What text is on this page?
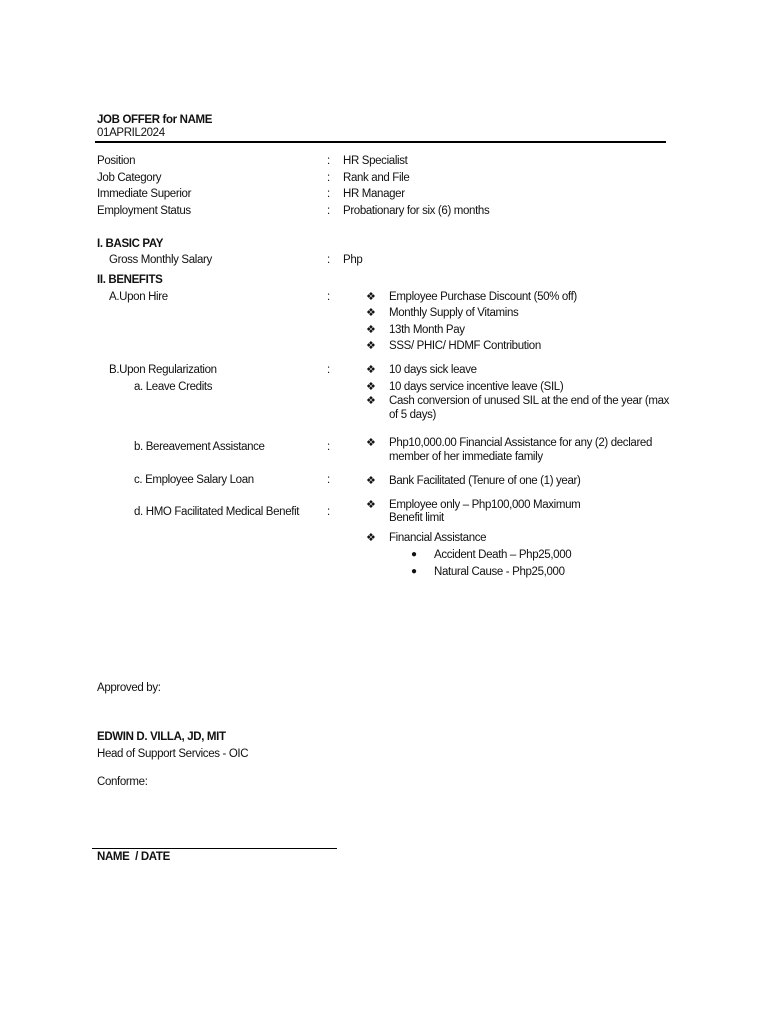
JOB OFFER for NAME
01APRIL2024
Position	: HR Specialist
Job Category	: Rank and File
Immediate Superior	: HR Manager
Employment Status	: Probationary for six (6) months
I. BASIC PAY
Gross Monthly Salary	: Php
II. BENEFITS
A.Upon Hire	:	❖ Employee Purchase Discount (50% off)
❖ Monthly Supply of Vitamins
❖ 13th Month Pay
❖ SSS/ PHIC/ HDMF Contribution
B.Upon Regularization	:
a. Leave Credits
❖ 10 days sick leave
❖ 10 days service incentive leave (SIL)
❖ Cash conversion of unused SIL at the end of the year (max
of 5 days)
b. Bereavement Assistance	:	❖ Php10,000.00 Financial Assistance for any (2) declared
member of her immediate family
c. Employee Salary Loan	:	❖ Bank Facilitated (Tenure of one (1) year)
d. HMO Facilitated Medical Benefit :
❖ Employee only – Php100,000 Maximum
Benefit limit
❖ Financial Assistance
● Accident Death – Php25,000
● Natural Cause - Php25,000
Approved by:
EDWIN D. VILLA, JD, MIT
Head of Support Services - OIC
Conforme:
NAME  / DATE
